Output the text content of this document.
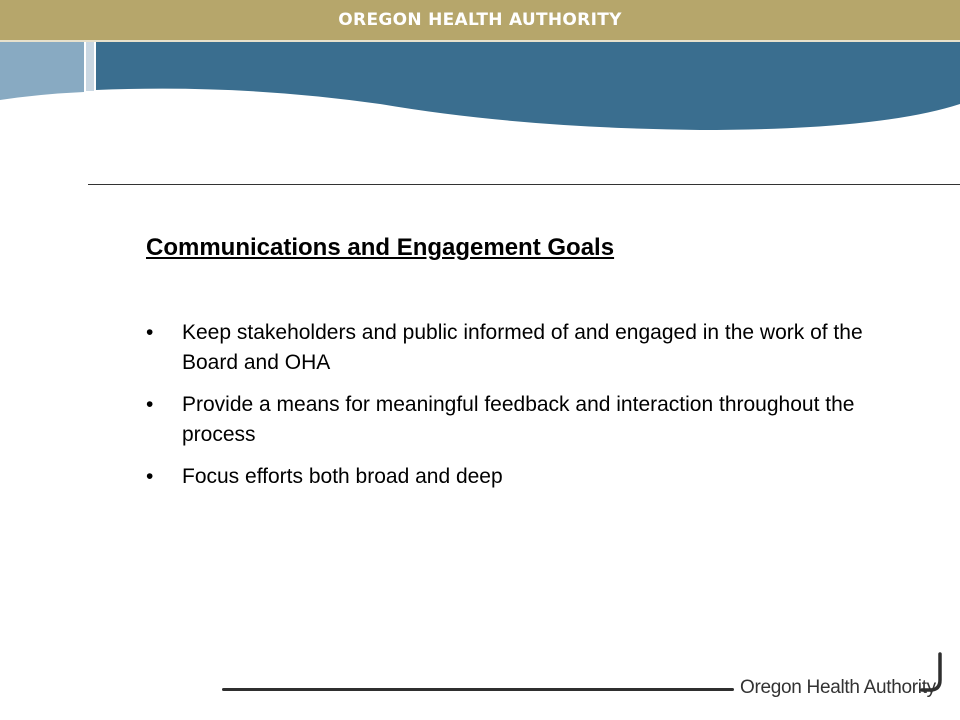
OREGON HEALTH AUTHORITY
Communications and Engagement Goals
•	Keep stakeholders and public informed of and engaged in the work of the Board and OHA
•	Provide a means for meaningful feedback and interaction throughout the process
•	Focus efforts both broad and deep
Oregon Health Authority
